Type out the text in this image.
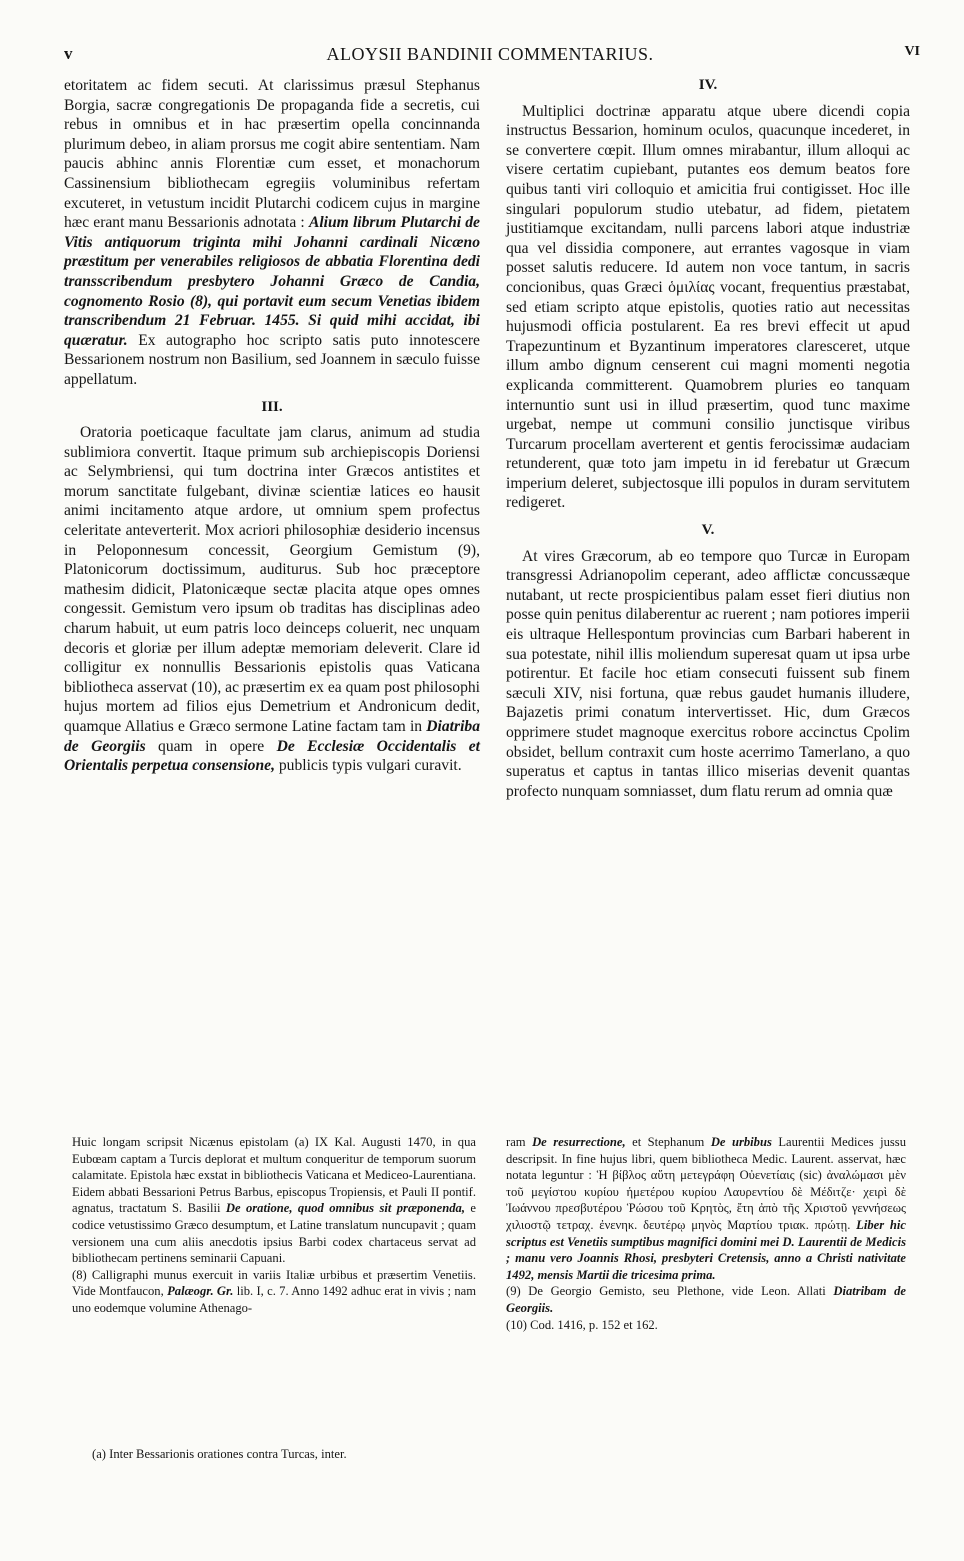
v	ALOYSII BANDINII COMMENTARIUS.	VI

etoritatem ac fidem secuti. At clarissimus præsul Stephanus Borgia, sacræ congregationis De propaganda fide a secretis, cui rebus in omnibus et in hac præsertim opella concinnanda plurimum debeo, in aliam prorsus me cogit abire sententiam. Nam paucis abhinc annis Florentiæ cum esset, et monachorum Cassinensium bibliothecam egregiis voluminibus refertam excuteret, in vetustum incidit Plutarchi codicem cujus in margine hæc erant manu Bessarionis adnotata : Alium librum Plutarchi de Vitis antiquorum triginta mihi Johanni cardinali Nicæno præstitum per venerabiles religiosos de abbatia Florentina dedi transscribendum presbytero Johanni Græco de Candia, cognomento Rosio (8), qui portavit eum secum Venetias ibidem transcribendum 21 Februar. 1455. Si quid mihi accidat, ibi quæratur. Ex autographo hoc scripto satis puto innotescere Bessarionem nostrum non Basilium, sed Joannem in sæculo fuisse appellatum.

III.

Oratoria poeticaque facultate jam clarus, animum ad studia sublimiora convertit. Itaque primum sub archiepiscopis Doriensi ac Selymbriensi, qui tum doctrina inter Græcos antistites et morum sanctitate fulgebant, divinæ scientiæ latices eo hausit animi incitamento atque ardore, ut omnium spem profectus celeritate anteverterit. Mox acriori philosophiæ desiderio incensus in Peloponnesum concessit, Georgium Gemistum (9), Platonicorum doctissimum, auditurus. Sub hoc præceptore mathesim didicit, Platonicæque sectæ placita atque opes omnes congessit. Gemistum vero ipsum ob traditas has disciplinas adeo charum habuit, ut eum patris loco deinceps coluerit, nec unquam decoris et gloriæ per illum adeptæ memoriam deleverit. Clare id colligitur ex nonnullis Bessarionis epistolis quas Vaticana bibliotheca asservat (10), ac præsertim ex ea quam post philosophi hujus mortem ad filios ejus Demetrium et Andronicum dedit, quamque Allatius e Græco sermone Latine factam tam in Diatriba de Georgiis quam in opere De Ecclesiæ Occidentalis et Orientalis perpetua consensione, publicis typis vulgari curavit.

IV.

Multiplici doctrinæ apparatu atque ubere dicendi copia instructus Bessarion, hominum oculos, quacunque incederet, in se convertere cœpit. Illum omnes mirabantur, illum alloqui ac visere certatim cupiebant, putantes eos demum beatos fore quibus tanti viri colloquio et amicitia frui contigisset. Hoc ille singulari populorum studio utebatur, ad fidem, pietatem justitiamque excitandam, nulli parcens labori atque industriæ qua vel dissidia componere, aut errantes vagosque in viam posset salutis reducere. Id autem non voce tantum, in sacris concionibus, quas Græci ὁμιλίας vocant, frequentius præstabat, sed etiam scripto atque epistolis, quoties ratio aut necessitas hujusmodi officia postularent. Ea res brevi effecit ut apud Trapezuntinum et Byzantinum imperatores claresceret, utque illum ambo dignum censerent cui magni momenti negotia explicanda committerent. Quamobrem pluries eo tanquam internuntio sunt usi in illud præsertim, quod tunc maxime urgebat, nempe ut communi consilio junctisque viribus Turcarum procellam averterent et gentis ferocissimæ audaciam retunderent, quæ toto jam impetu in id ferebatur ut Græcum imperium deleret, subjectosque illi populos in duram servitutem redigeret.

V.

At vires Græcorum, ab eo tempore quo Turcæ in Europam transgressi Adrianopolim ceperant, adeo afflictæ concussæque nutabant, ut recte prospicientibus palam esset fieri diutius non posse quin penitus dilaberentur ac ruerent ; nam potiores imperii eis ultraque Hellespontum provincias cum Barbari haberent in sua potestate, nihil illis moliendum superesat quam ut ipsa urbe potirentur. Et facile hoc etiam consecuti fuissent sub finem sæculi XIV, nisi fortuna, quæ rebus gaudet humanis illudere, Bajazetis primi conatum intervertisset. Hic, dum Græcos opprimere studet magnoque exercitus robore accinctus Cpolim obsidet, bellum contraxit cum hoste acerrimo Tamerlano, a quo superatus et captus in tantas illico miserias devenit quantas profecto nunquam somniasset, dum flatu rerum ad omnia quæ

Huic longam scripsit Nicænus epistolam (a) IX Kal. Augusti 1470, in qua Eubœam captam a Turcis deplorat et multum conqueritur de temporum suorum calamitate. Epistola hæc exstat in bibliothecis Vaticana et Mediceo-Laurentiana. Eidem abbati Bessarioni Petrus Barbus, episcopus Tropiensis, et Pauli II pontif. agnatus, tractatum S. Basilii De oratione, quod omnibus sit præponenda, e codice vetustissimo Græco desumptum, et Latine translatum nuncupavit ; quam versionem una cum aliis anecdotis ipsius Barbi codex chartaceus servat ad bibliothecam pertinens seminarii Capuani.

(8) Calligraphi munus exercuit in variis Italiæ urbibus et præsertim Venetiis. Vide Montfaucon, Palæogr. Gr. lib. I, c. 7. Anno 1492 adhuc erat in vivis ; nam uno eodemque volumine Athenago-

ram De resurrectione, et Stephanum De urbibus Laurentii Medices jussu descripsit. In fine hujus libri, quem bibliotheca Medic. Laurent. asservat, hæc notata leguntur : Ἡ βίβλος αὕτη μετεγράφη Οὐενετίαις (sic) ἀναλώμασι μὲν τοῦ μεγίστου κυρίου ἡμετέρου κυρίου Λαυρεντίου δὲ Μέδιτζε· χειρὶ δὲ Ἰωάννου πρεσβυτέρου Ῥώσου τοῦ Κρητὸς, ἔτη ἀπὸ τῆς Χριστοῦ γεννήσεως χιλιοστῷ τετραχ. ἐνενηκ. δευτέρῳ μηνὸς Μαρτίου τριακ. πρώτῃ. Liber hic scriptus est Venetiis sumptibus magnifici domini mei D. Laurentii de Medicis ; manu vero Joannis Rhosi, presbyteri Cretensis, anno a Christi nativitate 1492, mensis Martii die tricesima prima.

(9) De Georgio Gemisto, seu Plethone, vide Leon. Allati Diatribam de Georgiis.

(10) Cod. 1416, p. 152 et 162.

(a) Inter Bessarionis orationes contra Turcas, inter.
